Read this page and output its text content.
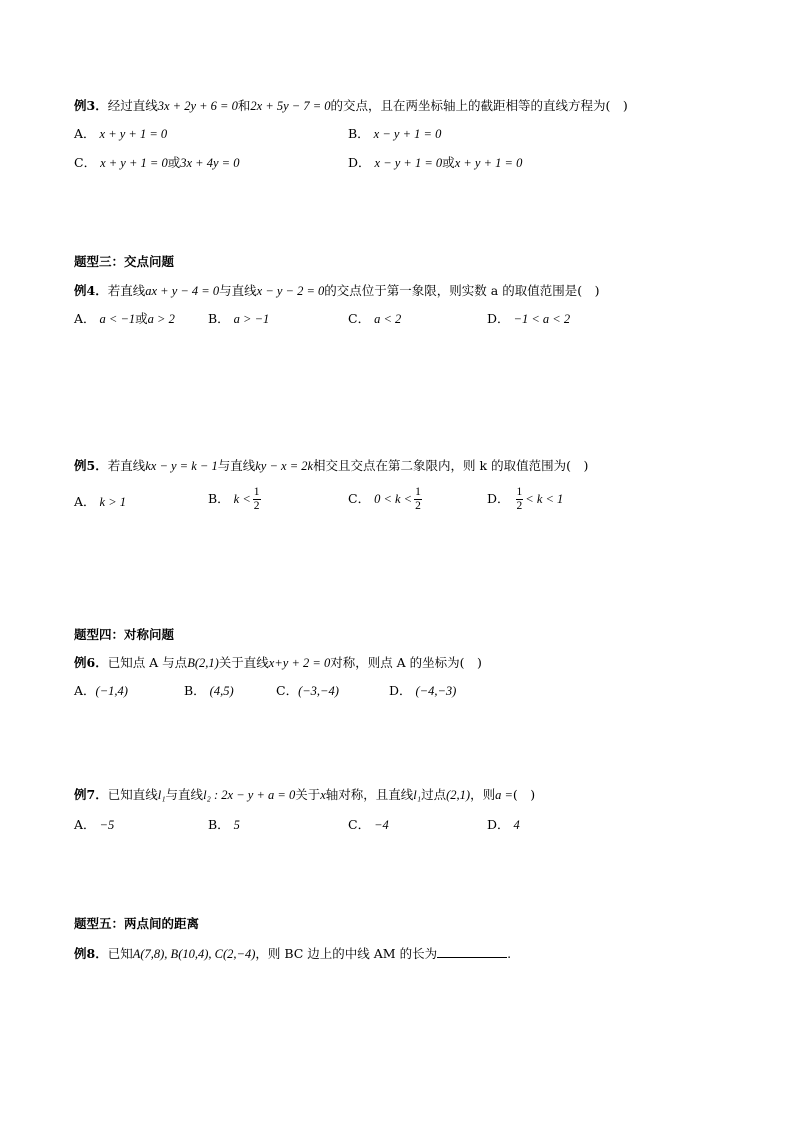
例3．经过直线3x + 2y + 6 = 0和2x + 5y − 7 = 0的交点，且在两坐标轴上的截距相等的直线方程为(　)
A． x + y + 1 = 0	B． x − y + 1 = 0
C． x + y + 1 = 0或3x + 4y = 0	D． x − y + 1 = 0或x + y + 1 = 0
题型三：交点问题
例4．若直线ax + y − 4 = 0与直线x − y − 2 = 0的交点位于第一象限，则实数 a 的取值范围是(　)
A． a < −1或a > 2	B． a > −1	C． a < 2	D． −1 < a < 2
例5．若直线kx − y = k − 1与直线ky − x = 2k相交且交点在第二象限内，则 k 的取值范围为(　)
A． k > 1	B． $k < \frac{1}{2}$	C． $0 < k < \frac{1}{2}$	D． $\frac{1}{2} < k < 1$
题型四：对称问题
例6．已知点 A 与点B(2,1)关于直线x+y + 2 = 0对称，则点 A 的坐标为(　)
A．(−1,4)	B． (4,5)	C．(−3,−4)	D． (−4,−3)
例7．已知直线l₁与直线l₂ : 2x − y + a = 0关于x轴对称，且直线l₁过点(2,1)，则a =(　)
A． −5	B． 5	C． −4	D． 4
题型五：两点间的距离
例8．已知A(7,8), B(10,4), C(2,−4)，则 BC 边上的中线 AM 的长为	.
